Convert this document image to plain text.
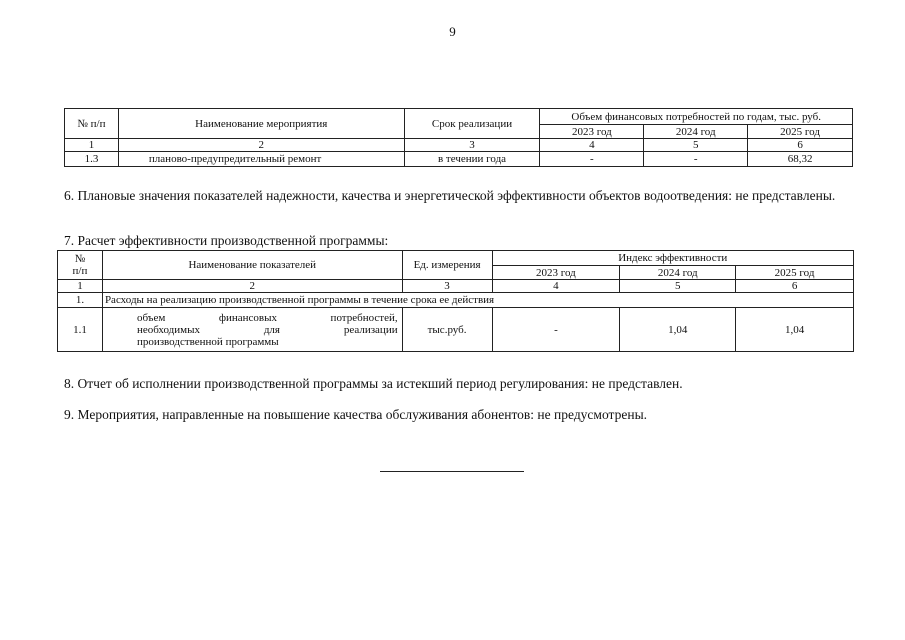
9
№ п/п	Наименование мероприятия	Срок реализации	Объем финансовых потребностей по годам, тыс. руб.		
			2023 год	2024 год	2025 год
1	2	3	4	5	6
1.3	планово-предупредительный ремонт	в течении года	-	-	68,32
6. Плановые значения показателей надежности, качества и энергетической эффективности объектов водоотведения: не представлены.
7. Расчет эффективности производственной программы:
№
п/п	Наименование показателей	Ед. измерения	Индекс эффективности		
			2023 год	2024 год	2025 год
1	2	3	4	5	6
1.	Расходы на реализацию производственной программы в течение срока ее действия				
1.1	объем финансовых потребностей,
необходимых для реализации
производственной программы	тыс.руб.	-	1,04	1,04
8. Отчет об исполнении производственной программы за истекший период регулирования: не представлен.
9. Мероприятия, направленные на повышение качества обслуживания абонентов: не предусмотрены.
